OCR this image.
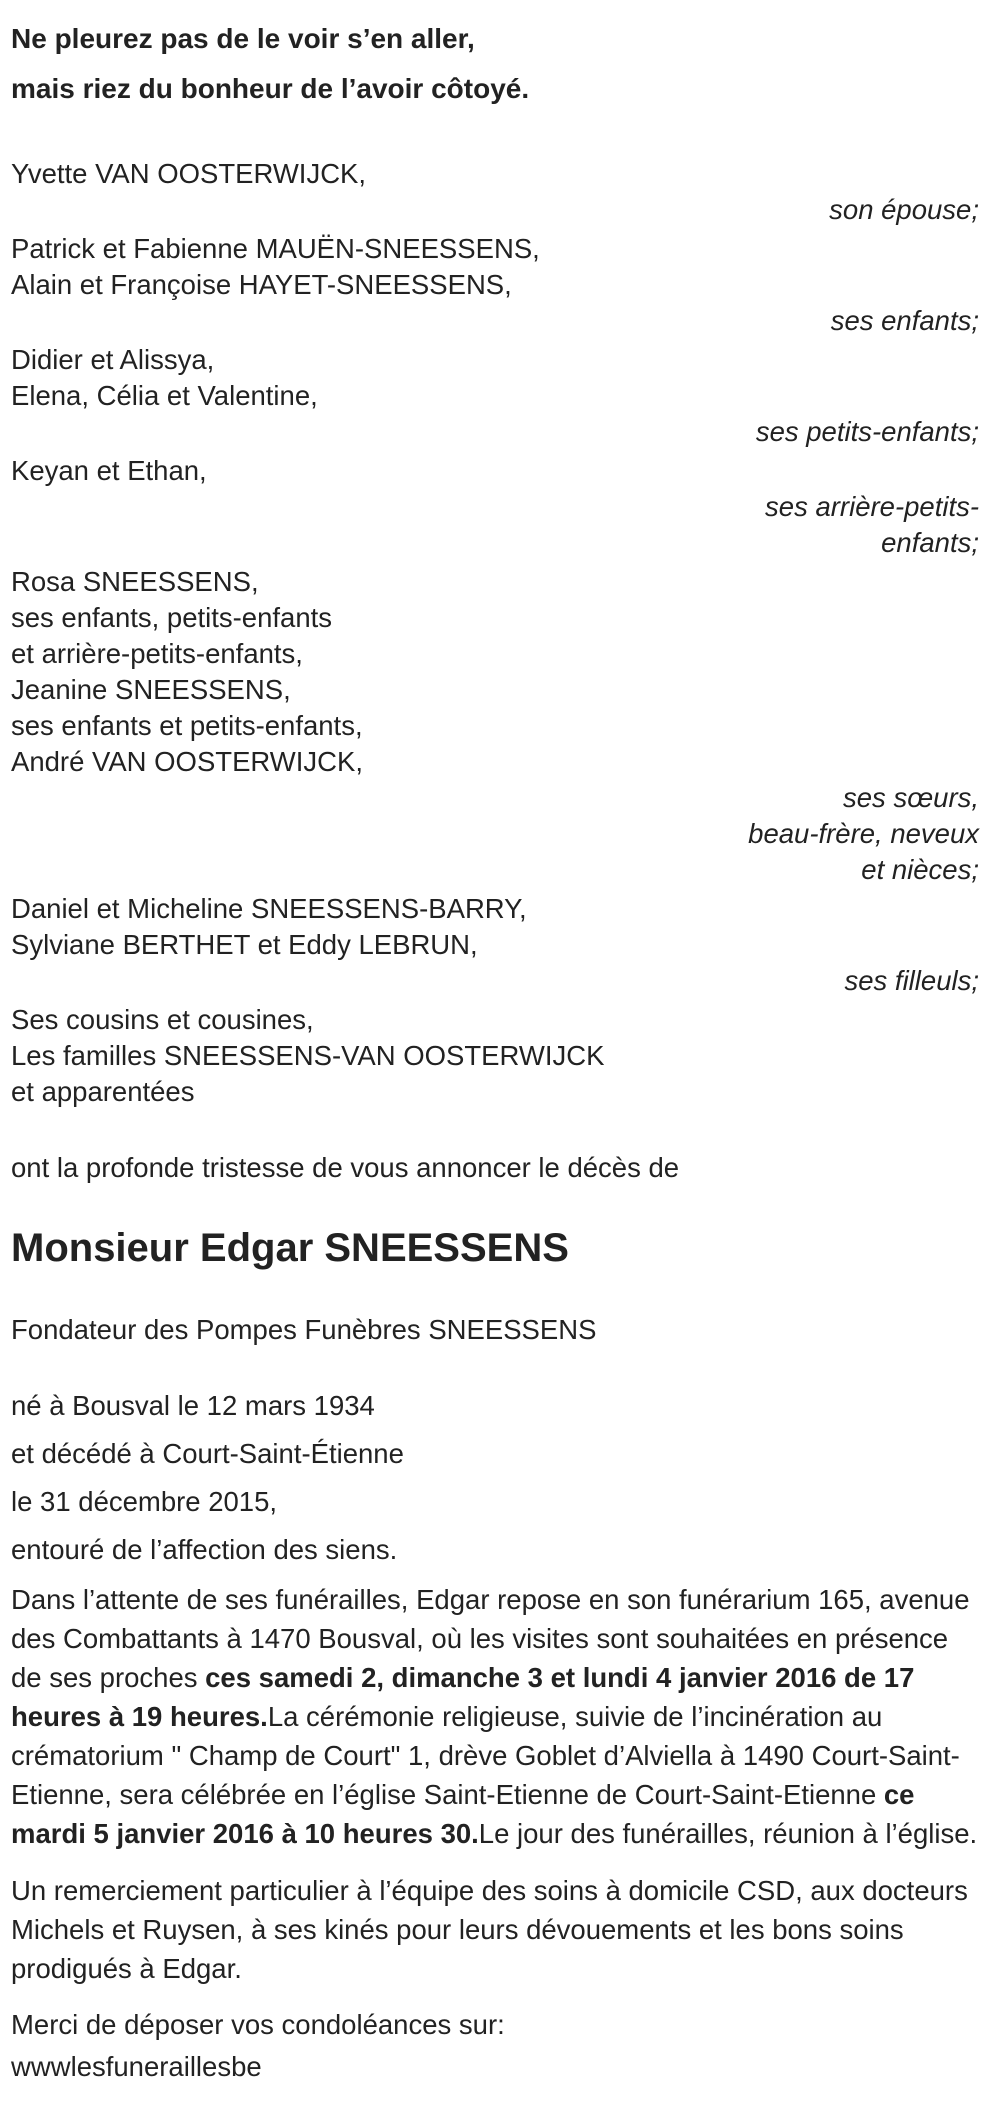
Ne pleurez pas de le voir s’en aller,
mais riez du bonheur de l’avoir côtoyé.
Yvette VAN OOSTERWIJCK,
son épouse;
Patrick et Fabienne MAUËN-SNEESSENS,
Alain et Françoise HAYET-SNEESSENS,
ses enfants;
Didier et Alissya,
Elena, Célia et Valentine,
ses petits-enfants;
Keyan et Ethan,
ses arrière-petits-
enfants;
Rosa SNEESSENS,
ses enfants, petits-enfants
et arrière-petits-enfants,
Jeanine SNEESSENS,
ses enfants et petits-enfants,
André VAN OOSTERWIJCK,
ses sœurs,
beau-frère, neveux
et nièces;
Daniel et Micheline SNEESSENS-BARRY,
Sylviane BERTHET et Eddy LEBRUN,
ses filleuls;
Ses cousins et cousines,
Les familles SNEESSENS-VAN OOSTERWIJCK
et apparentées

ont la profonde tristesse de vous annoncer le décès de

Monsieur Edgar SNEESSENS

Fondateur des Pompes Funèbres SNEESSENS

né à Bousval le 12 mars 1934
et décédé à Court-Saint-Étienne
le 31 décembre 2015,
entouré de l’affection des siens.

Dans l’attente de ses funérailles, Edgar repose en son funérarium 165, avenue des Combattants à 1470 Bousval, où les visites sont souhaitées en présence de ses proches ces samedi 2, dimanche 3 et lundi 4 janvier 2016 de 17 heures à 19 heures.La cérémonie religieuse, suivie de l’incinération au crématorium " Champ de Court" 1, drève Goblet d’Alviella à 1490 Court-Saint-Etienne, sera célébrée en l’église Saint-Etienne de Court-Saint-Etienne ce mardi 5 janvier 2016 à 10 heures 30.Le jour des funérailles, réunion à l’église.

Un remerciement particulier à l’équipe des soins à domicile CSD, aux docteurs Michels et Ruysen, à ses kinés pour leurs dévouements et les bons soins prodigués à Edgar.

Merci de déposer vos condoléances sur:

wwwlesfuneraillesbe
